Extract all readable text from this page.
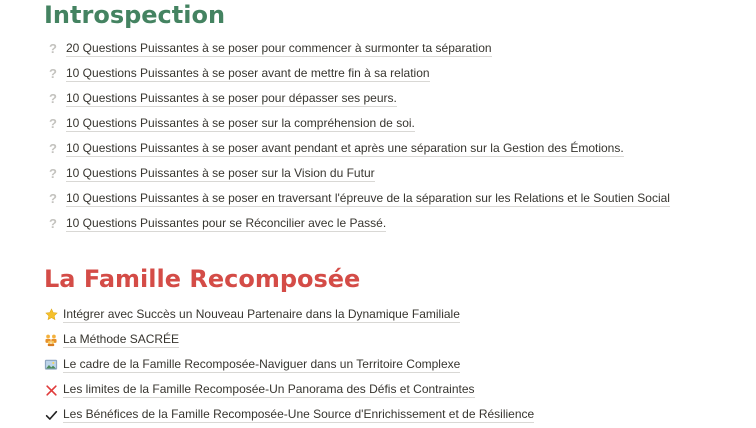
Introspection
? 20 Questions Puissantes à se poser pour commencer à surmonter ta séparation
? 10 Questions Puissantes à se poser avant de mettre fin à sa relation
? 10 Questions Puissantes à se poser pour dépasser ses peurs.
? 10 Questions Puissantes à se poser sur la compréhension de soi.
? 10 Questions Puissantes à se poser avant pendant et après une séparation sur la Gestion des Émotions.
? 10 Questions Puissantes à se poser sur la Vision du Futur
? 10 Questions Puissantes à se poser en traversant l'épreuve de la séparation sur les Relations et le Soutien Social
? 10 Questions Puissantes pour se Réconcilier avec le Passé.
La Famille Recomposée
Intégrer avec Succès un Nouveau Partenaire dans la Dynamique Familiale
La Méthode SACRÉE
Le cadre de la Famille Recomposée-Naviguer dans un Territoire Complexe
Les limites de la Famille Recomposée-Un Panorama des Défis et Contraintes
Les Bénéfices de la Famille Recomposée-Une Source d'Enrichissement et de Résilience
